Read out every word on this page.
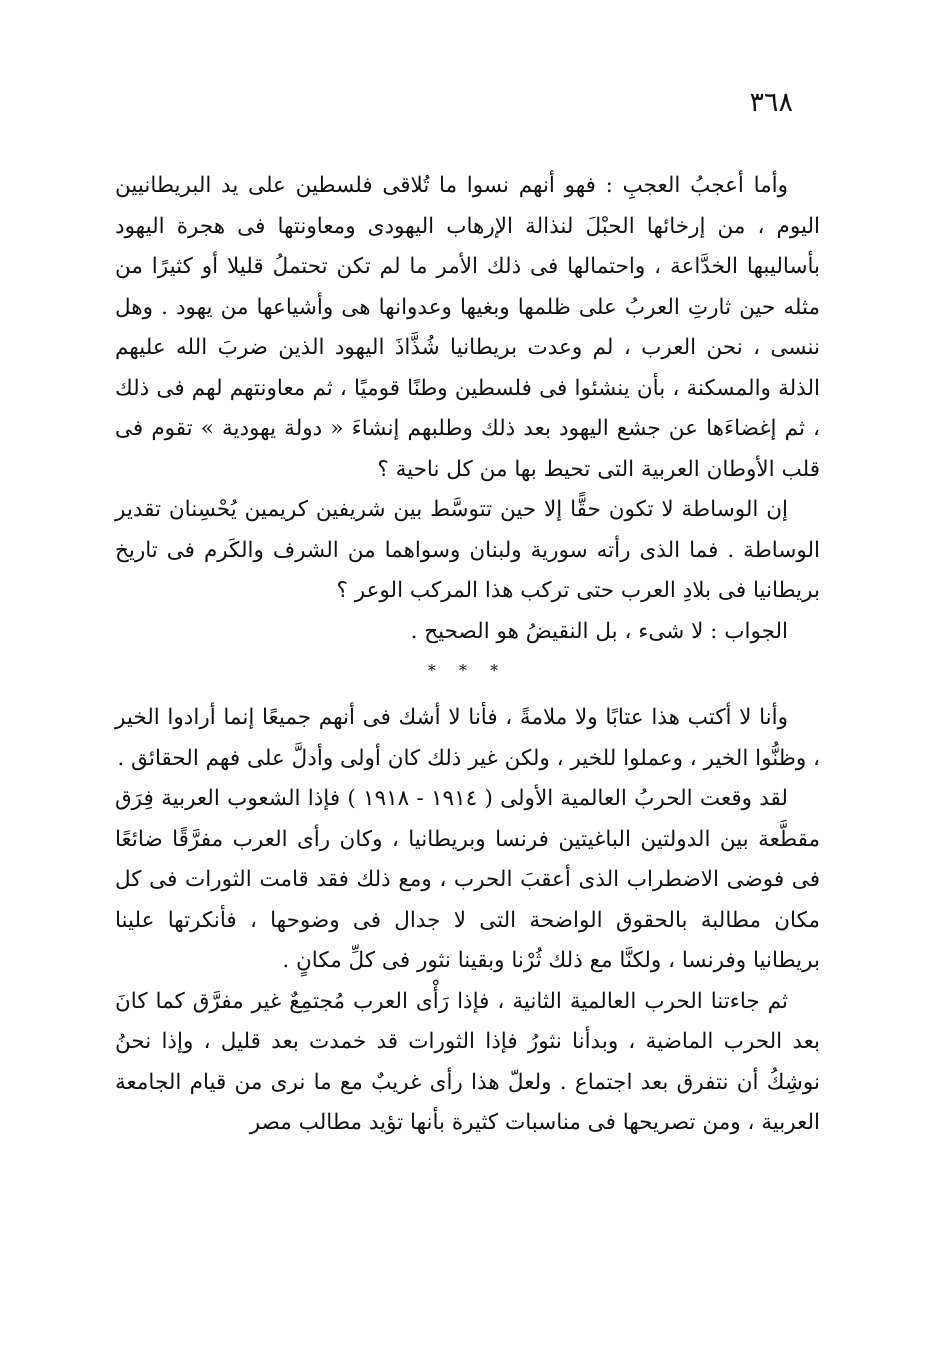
٣٦٨

وأما أعجبُ العجبِ : فهو أنهم نسوا ما تُلاقى فلسطين على يد البريطانيين اليوم ، من إرخائها الحبْلَ لنذالة الإرهاب اليهودى ومعاونتها فى هجرة اليهود بأساليبها الخدَّاعة ، واحتمالها فى ذلك الأمر ما لم تكن تحتملُ قليلا أو كثيرًا من مثله حين ثارتِ العربُ على ظلمها وبغيها وعدوانها هى وأشياعها من يهود . وهل ننسى ، نحن العرب ، لم وعدت بريطانيا شُذَّاذَ اليهود الذين ضربَ الله عليهم الذلة والمسكنة ، بأن ينشئوا فى فلسطين وطنًا قوميًا ، ثم معاونتهم لهم فى ذلك ، ثم إغضاءَها عن جشع اليهود بعد ذلك وطلبهم إنشاءَ « دولة يهودية » تقوم فى قلب الأوطان العربية التى تحيط بها من كل ناحية ؟

إن الوساطة لا تكون حقًّا إلا حين تتوسَّط بين شريفين كريمين يُحْسِنان تقدير الوساطة . فما الذى رأته سورية ولبنان وسواهما من الشرف والكَرم فى تاريخ بريطانيا فى بلادِ العرب حتى تركب هذا المركب الوعر ؟

الجواب : لا شىء ، بل النقيضُ هو الصحيح .

* * *

وأنا لا أكتب هذا عتابًا ولا ملامةً ، فأنا لا أشك فى أنهم جميعًا إنما أرادوا الخير ، وظنُّوا الخير ، وعملوا للخير ، ولكن غير ذلك كان أولى وأدلَّ على فهم الحقائق .

لقد وقعت الحربُ العالمية الأولى ( ١٩١٤ - ١٩١٨ ) فإذا الشعوب العربية فِرَق مقطَّعة بين الدولتين الباغيتين فرنسا وبريطانيا ، وكان رأى العرب مفرَّقًا ضائعًا فى فوضى الاضطراب الذى أعقبَ الحرب ، ومع ذلك فقد قامت الثورات فى كل مكان مطالبة بالحقوق الواضحة التى لا جدال فى وضوحها ، فأنكرتها علينا بريطانيا وفرنسا ، ولكنَّا مع ذلك ثُرْنا وبقينا نثور فى كلِّ مكانٍ .

ثم جاءتنا الحرب العالمية الثانية ، فإذا رَأْى العرب مُجتمِعٌ غير مفرَّق كما كانَ بعد الحرب الماضية ، وبدأنا نثورُ فإذا الثورات قد خمدت بعد قليل ، وإذا نحنُ نوشِكُ أن نتفرق بعد اجتماع . ولعلّ هذا رأى غريبٌ مع ما نرى من قيام الجامعة العربية ، ومن تصريحها فى مناسبات كثيرة بأنها تؤيد مطالب مصر
